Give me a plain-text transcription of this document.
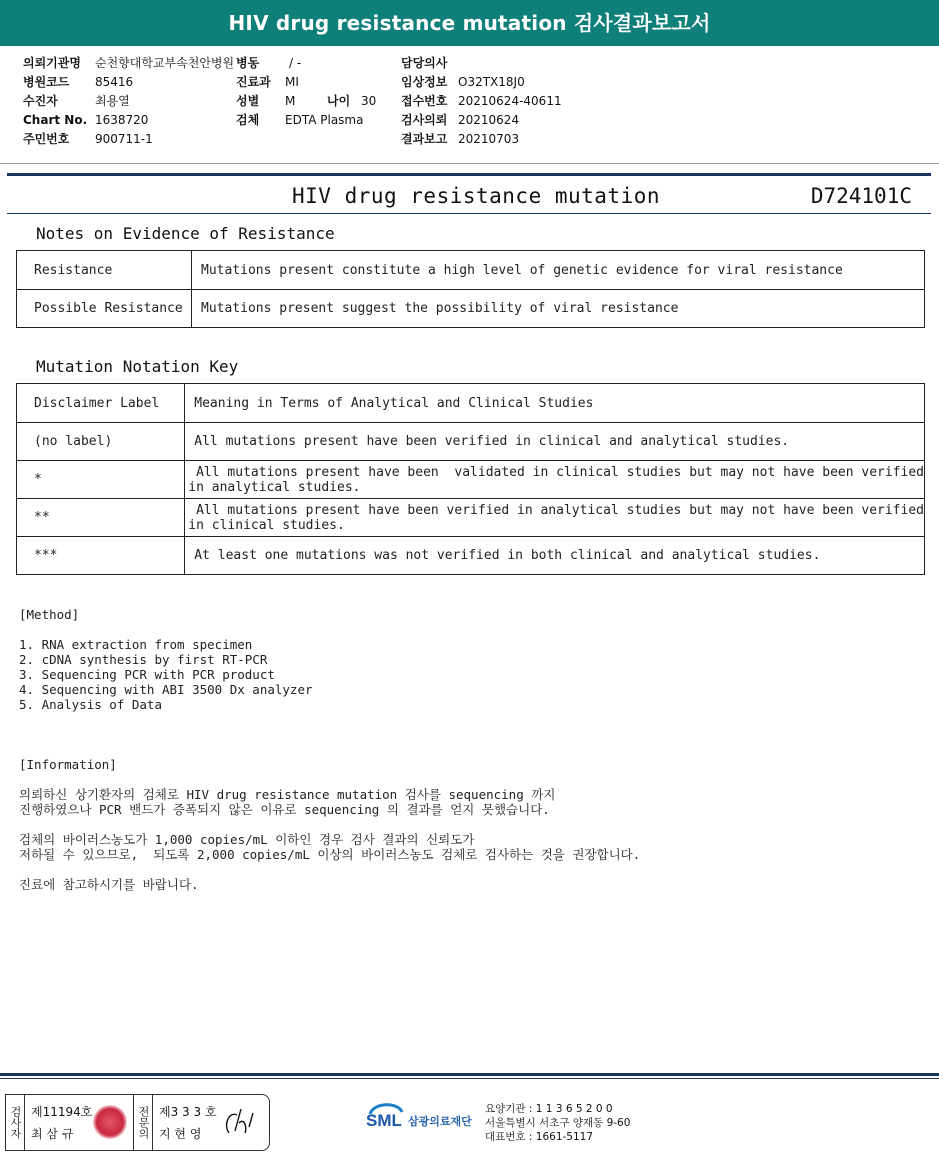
HIV drug resistance mutation 검사결과보고서
의뢰기관명	순천향대학교부속천안병원
병원코드	85416
수진자	최용열
Chart No. 1638720
주민번호	900711-1
병동	/ -
진료과	MI
성별	M	나이 30
검체	EDTA Plasma
담당의사
임상정보 O32TX18J0
접수번호 20210624-40611
검사의뢰 20210624
결과보고 20210703
HIV drug resistance mutation	D724101C
Notes on Evidence of Resistance
Resistance	Mutations present constitute a high level of genetic evidence for viral resistance
Possible Resistance	Mutations present suggest the possibility of viral resistance
Mutation Notation Key
Disclaimer Label	Meaning in Terms of Analytical and Clinical Studies
(no label)	All mutations present have been verified in clinical and analytical studies.
*	All mutations present have been  validated in clinical studies but may not have been verified
in analytical studies.
**	All mutations present have been verified in analytical studies but may not have been verified
in clinical studies.
***	At least one mutations was not verified in both clinical and analytical studies.
[Method]
1. RNA extraction from specimen
2. cDNA synthesis by first RT-PCR
3. Sequencing PCR with PCR product
4. Sequencing with ABI 3500 Dx analyzer
5. Analysis of Data
[Information]
의뢰하신 상기환자의 검체로 HIV drug resistance mutation 검사를 sequencing 까지
진행하였으나 PCR 밴드가 증폭되지 않은 이유로 sequencing 의 결과를 얻지 못했습니다.
검체의 바이러스농도가 1,000 copies/mL 이하인 경우 검사 결과의 신뢰도가
저하될 수 있으므로,  되도록 2,000 copies/mL 이상의 바이러스농도 검체로 검사하는 것을 권장합니다.
진료에 참고하시기를 바랍니다.
검사자 제11194호
최 삼 규	전문의 제3 3 3 호
지 현 영
SML 삼광의료재단
요양기관 : 1 1 3 6 5 2 0 0
서울특별시 서초구 양재동 9-60
대표번호 : 1661-5117
